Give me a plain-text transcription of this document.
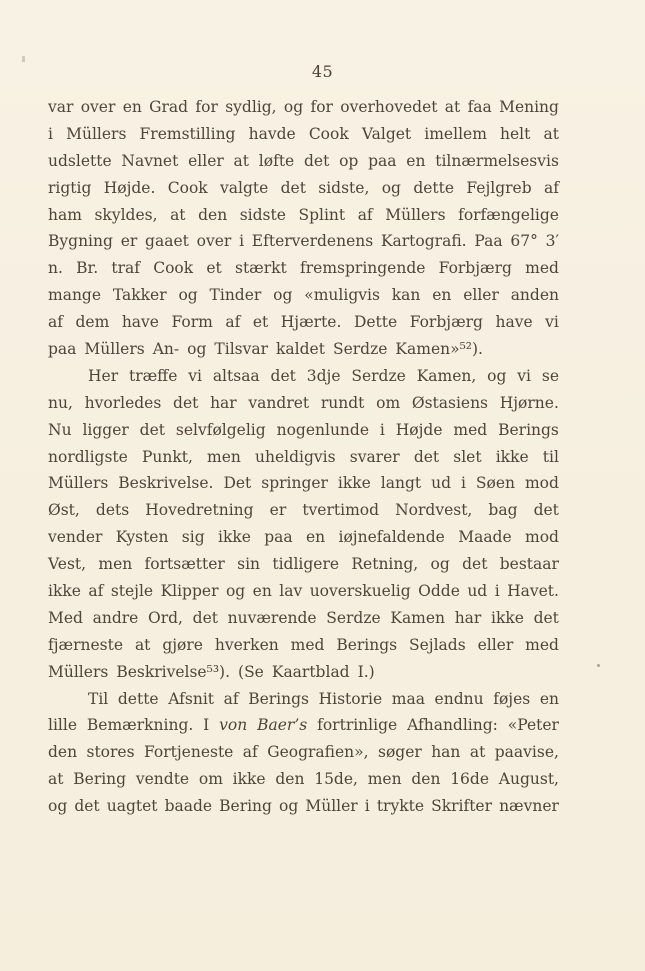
45
var over en Grad for sydlig, og for overhovedet at faa Mening
i Müllers Fremstilling havde Cook Valget imellem helt at
udslette Navnet eller at løfte det op paa en tilnærmelsesvis
rigtig Højde. Cook valgte det sidste, og dette Fejlgreb af
ham skyldes, at den sidste Splint af Müllers forfængelige
Bygning er gaaet over i Efterverdenens Kartografi. Paa 67° 3′
n. Br. traf Cook et stærkt fremspringende Forbjærg med
mange Takker og Tinder og «muligvis kan en eller anden
af dem have Form af et Hjærte. Dette Forbjærg have vi
paa Müllers An- og Tilsvar kaldet Serdze Kamen»⁵²).
Her træffe vi altsaa det 3dje Serdze Kamen, og vi se
nu, hvorledes det har vandret rundt om Østasiens Hjørne.
Nu ligger det selvfølgelig nogenlunde i Højde med Berings
nordligste Punkt, men uheldigvis svarer det slet ikke til
Müllers Beskrivelse. Det springer ikke langt ud i Søen mod
Øst, dets Hovedretning er tvertimod Nordvest, bag det
vender Kysten sig ikke paa en iøjnefaldende Maade mod
Vest, men fortsætter sin tidligere Retning, og det bestaar
ikke af stejle Klipper og en lav uoverskuelig Odde ud i Havet.
Med andre Ord, det nuværende Serdze Kamen har ikke det
fjærneste at gjøre hverken med Berings Sejlads eller med
Müllers Beskrivelse⁵³). (Se Kaartblad I.)
Til dette Afsnit af Berings Historie maa endnu føjes en
lille Bemærkning. I von Baer’s fortrinlige Afhandling: «Peter
den stores Fortjeneste af Geografien», søger han at paavise,
at Bering vendte om ikke den 15de, men den 16de August,
og det uagtet baade Bering og Müller i trykte Skrifter nævner
